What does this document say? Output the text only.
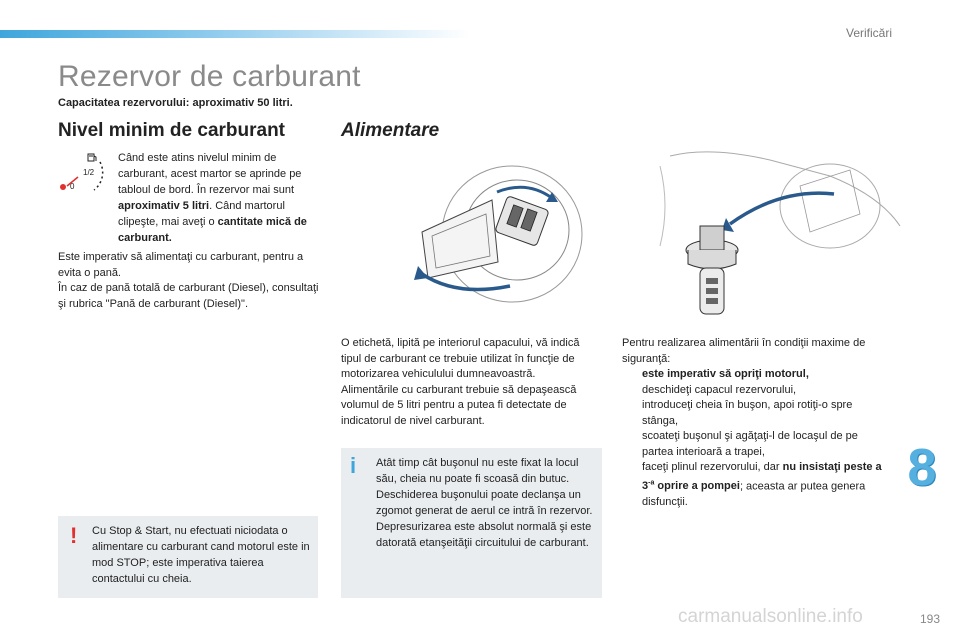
Verificări
Rezervor de carburant
Capacitatea rezervorului: aproximativ 50 litri.
Nivel minim de carburant	Alimentare
1/2
0
Când este atins nivelul minim de carburant, acest martor se aprinde pe tabloul de bord. În rezervor mai sunt aproximativ 5 litri. Când martorul clipeşte, mai aveţi o cantitate mică de carburant.
Este imperativ să alimentaţi cu carburant, pentru a evita o pană.
În caz de pană totală de carburant (Diesel), consultaţi şi rubrica "Pană de carburant (Diesel)".
!	Cu Stop & Start, nu efectuati niciodata o alimentare cu carburant cand motorul este in mod STOP; este imperativa taierea contactului cu cheia.
O etichetă, lipită pe interiorul capacului, vă indică tipul de carburant ce trebuie utilizat în funcţie de motorizarea vehiculului dumneavoastră.
Alimentările cu carburant trebuie să depaşească volumul de 5 litri pentru a putea fi detectate de indicatorul de nivel carburant.
i	Atât timp cât buşonul nu este fixat la locul său, cheia nu poate fi scoasă din butuc.
Deschiderea buşonului poate declanşa un zgomot generat de aerul ce intră în rezervor. Depresurizarea este absolut normală şi este datorată etanşeităţii circuitului de carburant.
Pentru realizarea alimentării în condiţii maxime de siguranţă:
este imperativ să opriţi motorul,
deschideţi capacul rezervorului,
introduceţi cheia în buşon, apoi rotiţi-o spre stânga,
scoateţi buşonul şi agăţaţi-l de locaşul de pe partea interioară a trapei,
faceţi plinul rezervorului, dar nu insistaţi peste a $3^{-a}$ oprire a pompei; aceasta ar putea genera disfuncţii.
8
carmanualsonline.info	193
